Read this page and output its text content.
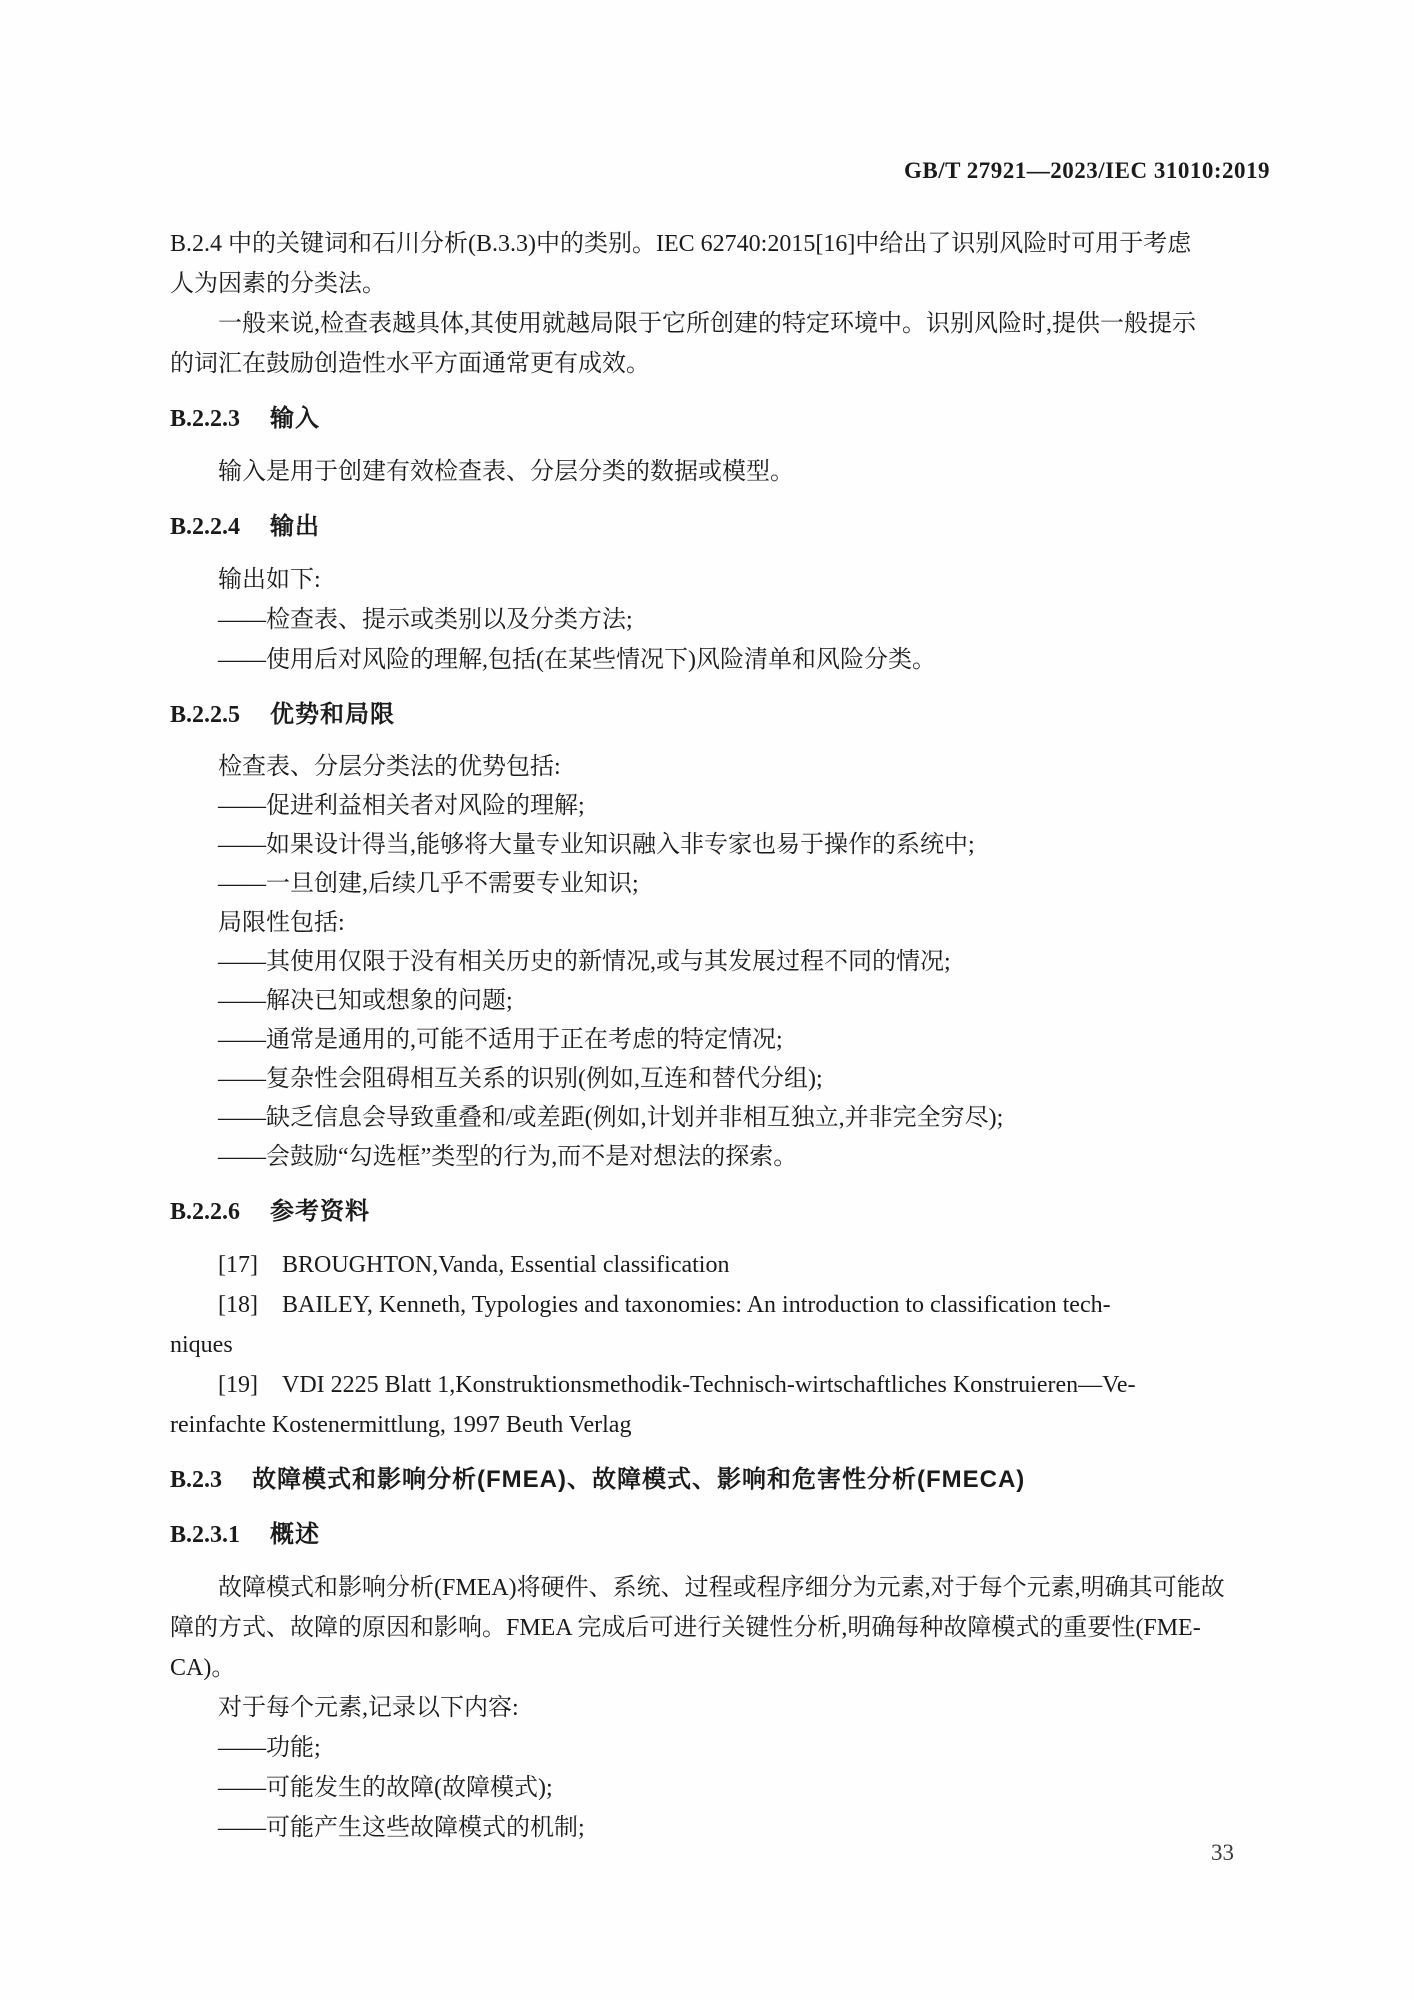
GB/T 27921—2023/IEC 31010:2019
B.2.4 中的关键词和石川分析(B.3.3)中的类别。IEC 62740:2015[16]中给出了识别风险时可用于考虑
人为因素的分类法。
一般来说,检查表越具体,其使用就越局限于它所创建的特定环境中。识别风险时,提供一般提示
的词汇在鼓励创造性水平方面通常更有成效。
B.2.2.3 输入
输入是用于创建有效检查表、分层分类的数据或模型。
B.2.2.4 输出
输出如下:
——检查表、提示或类别以及分类方法;
——使用后对风险的理解,包括(在某些情况下)风险清单和风险分类。
B.2.2.5 优势和局限
检查表、分层分类法的优势包括:
——促进利益相关者对风险的理解;
——如果设计得当,能够将大量专业知识融入非专家也易于操作的系统中;
——一旦创建,后续几乎不需要专业知识;
局限性包括:
——其使用仅限于没有相关历史的新情况,或与其发展过程不同的情况;
——解决已知或想象的问题;
——通常是通用的,可能不适用于正在考虑的特定情况;
——复杂性会阻碍相互关系的识别(例如,互连和替代分组);
——缺乏信息会导致重叠和/或差距(例如,计划并非相互独立,并非完全穷尽);
——会鼓励“勾选框”类型的行为,而不是对想法的探索。
B.2.2.6 参考资料
[17]　BROUGHTON,Vanda, Essential classification
[18]　BAILEY, Kenneth, Typologies and taxonomies: An introduction to classification tech-
niques
[19]　VDI 2225 Blatt 1,Konstruktionsmethodik-Technisch-wirtschaftliches Konstruieren—Ve-
reinfachte Kostenermittlung, 1997 Beuth Verlag
B.2.3 故障模式和影响分析(FMEA)、故障模式、影响和危害性分析(FMECA)
B.2.3.1 概述
故障模式和影响分析(FMEA)将硬件、系统、过程或程序细分为元素,对于每个元素,明确其可能故
障的方式、故障的原因和影响。FMEA 完成后可进行关键性分析,明确每种故障模式的重要性(FME-
CA)。
对于每个元素,记录以下内容:
——功能;
——可能发生的故障(故障模式);
——可能产生这些故障模式的机制;
33
